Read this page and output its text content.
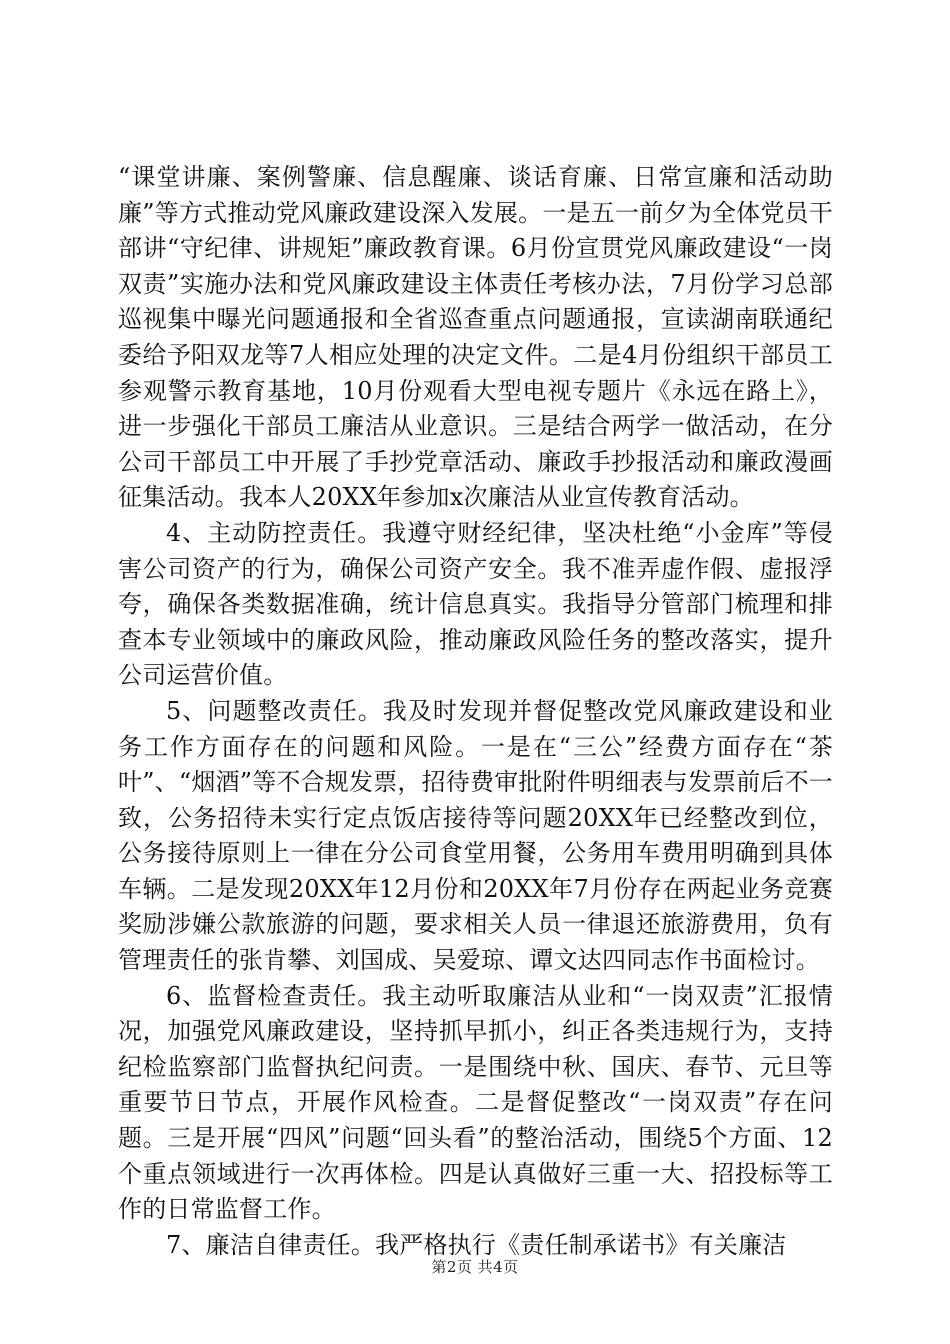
“课堂讲廉、案例警廉、信息醒廉、谈话育廉、日常宣廉和活动助廉”等方式推动党风廉政建设深入发展。一是五一前夕为全体党员干部讲“守纪律、讲规矩”廉政教育课。6月份宣贯党风廉政建设“一岗双责”实施办法和党风廉政建设主体责任考核办法，7月份学习总部巡视集中曝光问题通报和全省巡查重点问题通报，宣读湖南联通纪委给予阳双龙等7人相应处理的决定文件。二是4月份组织干部员工参观警示教育基地，10月份观看大型电视专题片《永远在路上》，进一步强化干部员工廉洁从业意识。三是结合两学一做活动，在分公司干部员工中开展了手抄党章活动、廉政手抄报活动和廉政漫画征集活动。我本人20XX年参加x次廉洁从业宣传教育活动。

4、主动防控责任。我遵守财经纪律，坚决杜绝“小金库”等侵害公司资产的行为，确保公司资产安全。我不准弄虚作假、虚报浮夸，确保各类数据准确，统计信息真实。我指导分管部门梳理和排查本专业领域中的廉政风险，推动廉政风险任务的整改落实，提升公司运营价值。

5、问题整改责任。我及时发现并督促整改党风廉政建设和业务工作方面存在的问题和风险。一是在“三公”经费方面存在“茶叶”、“烟酒”等不合规发票，招待费审批附件明细表与发票前后不一致，公务招待未实行定点饭店接待等问题20XX年已经整改到位，公务接待原则上一律在分公司食堂用餐，公务用车费用明确到具体车辆。二是发现20XX年12月份和20XX年7月份存在两起业务竞赛奖励涉嫌公款旅游的问题，要求相关人员一律退还旅游费用，负有管理责任的张肯攀、刘国成、吴爱琼、谭文达四同志作书面检讨。

6、监督检查责任。我主动听取廉洁从业和“一岗双责”汇报情况，加强党风廉政建设，坚持抓早抓小，纠正各类违规行为，支持纪检监察部门监督执纪问责。一是围绕中秋、国庆、春节、元旦等重要节日节点，开展作风检查。二是督促整改“一岗双责”存在问题。三是开展“四风”问题“回头看”的整治活动，围绕5个方面、12个重点领域进行一次再体检。四是认真做好三重一大、招投标等工作的日常监督工作。

7、廉洁自律责任。我严格执行《责任制承诺书》有关廉洁

第2页 共4页
